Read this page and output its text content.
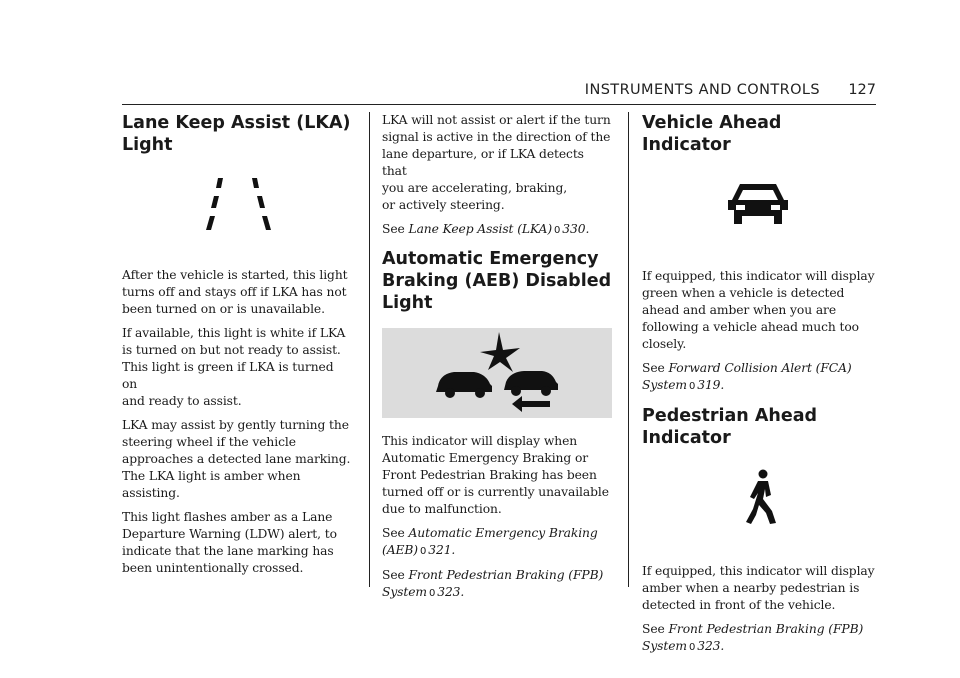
INSTRUMENTS AND CONTROLS 127
Lane Keep Assist (LKA)
Light

After the vehicle is started, this light
turns off and stays off if LKA has not
been turned on or is unavailable.

If available, this light is white if LKA
is turned on but not ready to assist.
This light is green if LKA is turned on
and ready to assist.

LKA may assist by gently turning the
steering wheel if the vehicle
approaches a detected lane marking.
The LKA light is amber when
assisting.

This light flashes amber as a Lane
Departure Warning (LDW) alert, to
indicate that the lane marking has
been unintentionally crossed.

LKA will not assist or alert if the turn
signal is active in the direction of the
lane departure, or if LKA detects that
you are accelerating, braking,
or actively steering.

See Lane Keep Assist (LKA) 0 330.

Automatic Emergency
Braking (AEB) Disabled
Light

This indicator will display when
Automatic Emergency Braking or
Front Pedestrian Braking has been
turned off or is currently unavailable
due to malfunction.

See Automatic Emergency Braking
(AEB) 0 321.

See Front Pedestrian Braking (FPB)
System 0 323.

Vehicle Ahead Indicator

If equipped, this indicator will display
green when a vehicle is detected
ahead and amber when you are
following a vehicle ahead much too
closely.

See Forward Collision Alert (FCA)
System 0 319.

Pedestrian Ahead Indicator

If equipped, this indicator will display
amber when a nearby pedestrian is
detected in front of the vehicle.

See Front Pedestrian Braking (FPB)
System 0 323.
